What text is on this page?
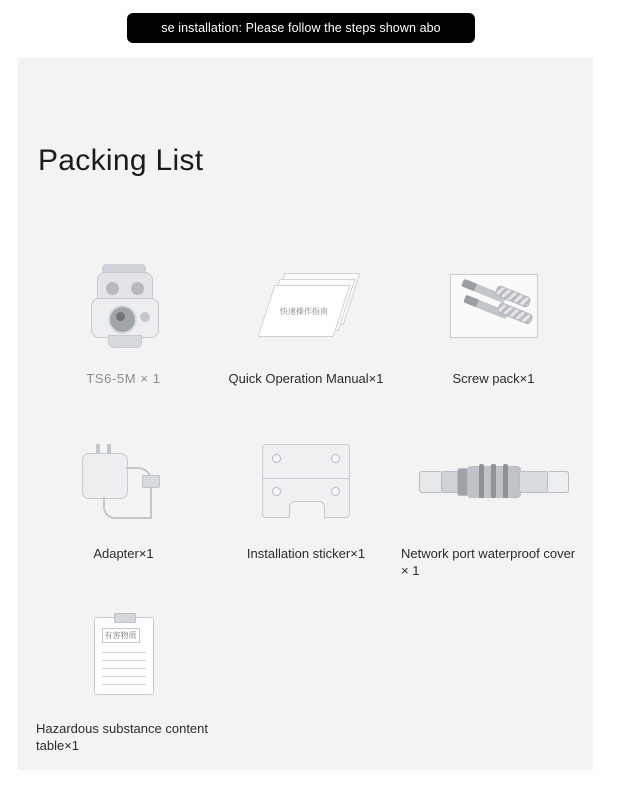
se installation: Please follow the steps shown abo
Packing List
TS6-5M × 1
快速操作指南
Quick Operation Manual×1	Screw pack×1
Adapter×1	Installation sticker×1	Network port waterproof cover × 1
有害物质
Hazardous substance content table×1
